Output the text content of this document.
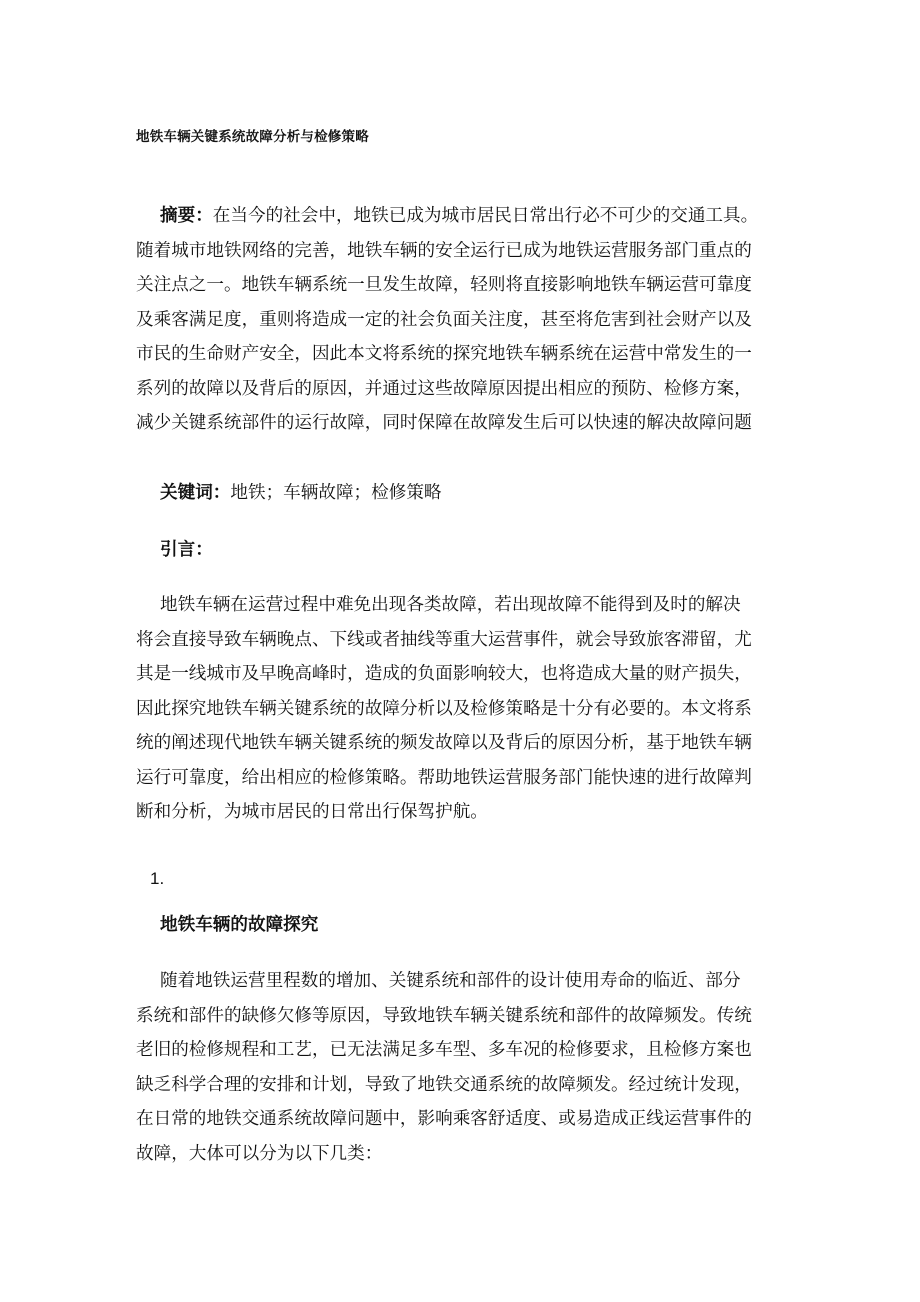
地铁车辆关键系统故障分析与检修策略
摘要：在当今的社会中，地铁已成为城市居民日常出行必不可少的交通工具。
随着城市地铁网络的完善，地铁车辆的安全运行已成为地铁运营服务部门重点的
关注点之一。地铁车辆系统一旦发生故障，轻则将直接影响地铁车辆运营可靠度
及乘客满足度，重则将造成一定的社会负面关注度，甚至将危害到社会财产以及
市民的生命财产安全，因此本文将系统的探究地铁车辆系统在运营中常发生的一
系列的故障以及背后的原因，并通过这些故障原因提出相应的预防、检修方案，
减少关键系统部件的运行故障，同时保障在故障发生后可以快速的解决故障问题
关键词：地铁；车辆故障；检修策略
引言：
地铁车辆在运营过程中难免出现各类故障，若出现故障不能得到及时的解决
将会直接导致车辆晚点、下线或者抽线等重大运营事件，就会导致旅客滞留，尤
其是一线城市及早晚高峰时，造成的负面影响较大，也将造成大量的财产损失，
因此探究地铁车辆关键系统的故障分析以及检修策略是十分有必要的。本文将系
统的阐述现代地铁车辆关键系统的频发故障以及背后的原因分析，基于地铁车辆
运行可靠度，给出相应的检修策略。帮助地铁运营服务部门能快速的进行故障判
断和分析，为城市居民的日常出行保驾护航。
1.
地铁车辆的故障探究
随着地铁运营里程数的增加、关键系统和部件的设计使用寿命的临近、部分
系统和部件的缺修欠修等原因，导致地铁车辆关键系统和部件的故障频发。传统
老旧的检修规程和工艺，已无法满足多车型、多车况的检修要求，且检修方案也
缺乏科学合理的安排和计划，导致了地铁交通系统的故障频发。经过统计发现，
在日常的地铁交通系统故障问题中，影响乘客舒适度、或易造成正线运营事件的
故障，大体可以分为以下几类：
